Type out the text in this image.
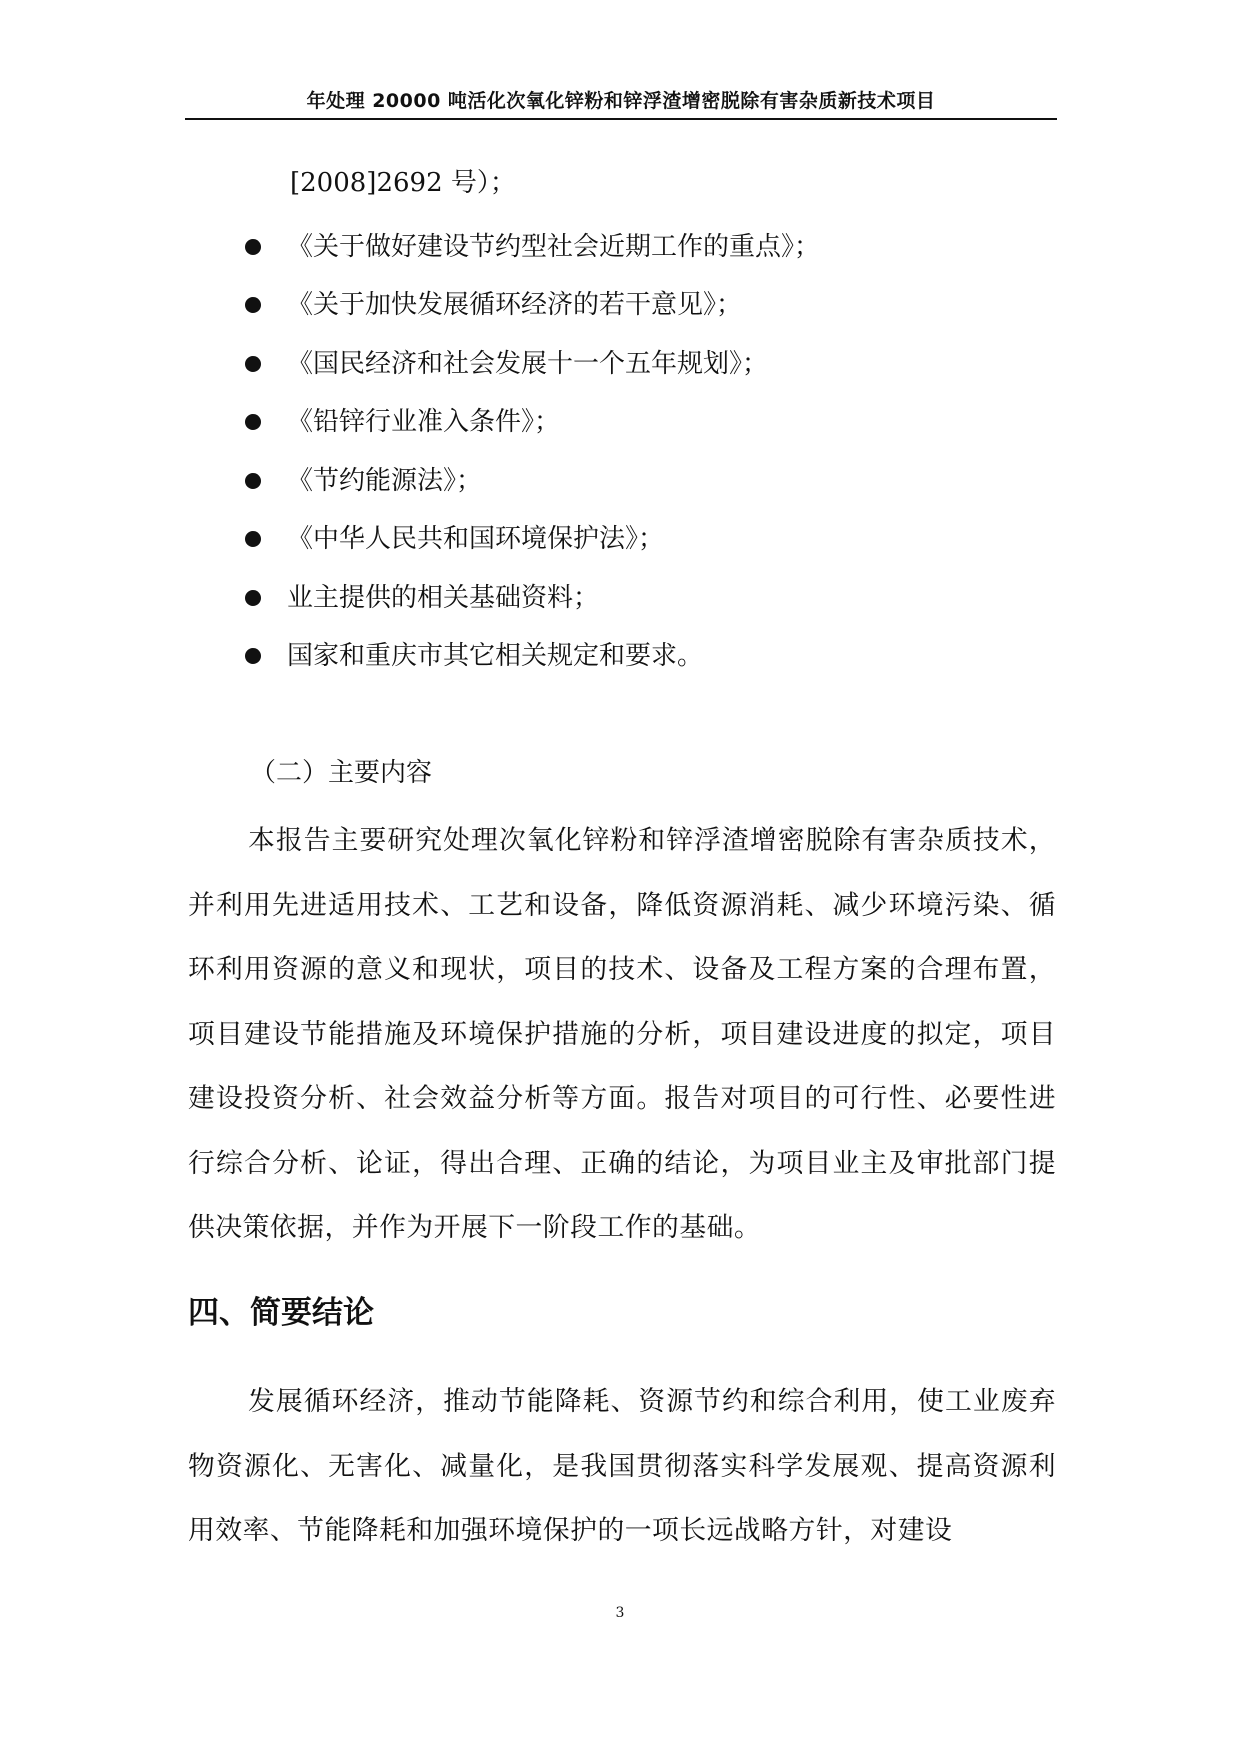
年处理 20000 吨活化次氧化锌粉和锌浮渣增密脱除有害杂质新技术项目
[2008]2692 号）；
《关于做好建设节约型社会近期工作的重点》；
《关于加快发展循环经济的若干意见》；
《国民经济和社会发展十一个五年规划》；
《铅锌行业准入条件》；
《节约能源法》；
《中华人民共和国环境保护法》；
业主提供的相关基础资料；
国家和重庆市其它相关规定和要求。
（二）主要内容
本报告主要研究处理次氧化锌粉和锌浮渣增密脱除有害杂质技术，并利用先进适用技术、工艺和设备，降低资源消耗、减少环境污染、循环利用资源的意义和现状，项目的技术、设备及工程方案的合理布置，项目建设节能措施及环境保护措施的分析，项目建设进度的拟定，项目建设投资分析、社会效益分析等方面。报告对项目的可行性、必要性进行综合分析、论证，得出合理、正确的结论，为项目业主及审批部门提供决策依据，并作为开展下一阶段工作的基础。
四、简要结论
发展循环经济，推动节能降耗、资源节约和综合利用，使工业废弃物资源化、无害化、减量化，是我国贯彻落实科学发展观、提高资源利用效率、节能降耗和加强环境保护的一项长远战略方针，对建设
3
